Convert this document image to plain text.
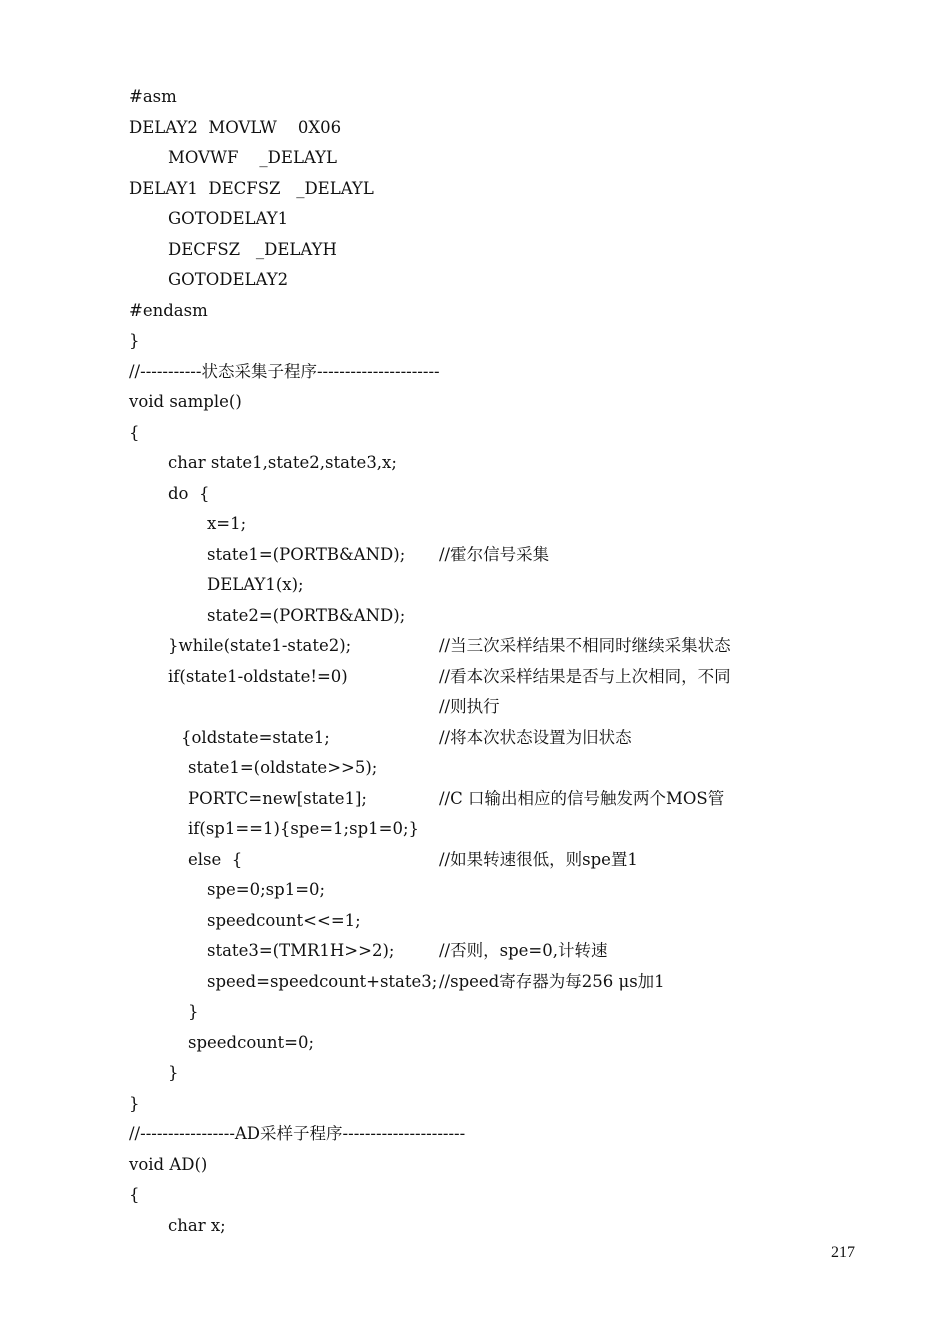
#asm
DELAY2  MOVLW    0X06
MOVWF    _DELAYL
DELAY1  DECFSZ   _DELAYL
GOTODELAY1
DECFSZ   _DELAYH
GOTODELAY2
#endasm
}
//-----------状态采集子程序----------------------
void sample()
{
char state1,state2,state3,x;
do  {
x=1;
state1=(PORTB&AND); //霍尔信号采集
DELAY1(x);
state2=(PORTB&AND);
}while(state1-state2);	//当三次采样结果不相同时继续采集状态
if(state1-oldstate!=0)	//看本次采样结果是否与上次相同，不同
//则执行
{oldstate=state1;	//将本次状态设置为旧状态
state1=(oldstate>>5);
PORTC=new[state1];	//C 口输出相应的信号触发两个MOS管
if(sp1==1){spe=1;sp1=0;}
else  {	//如果转速很低，则spe置1
spe=0;sp1=0;
speedcount<<=1;
state3=(TMR1H>>2);	//否则，spe=0,计转速
speed=speedcount+state3; //speed寄存器为每256 μs加1
}
speedcount=0;
}
}
//-----------------AD采样子程序----------------------
void AD()
{
char x;
217
